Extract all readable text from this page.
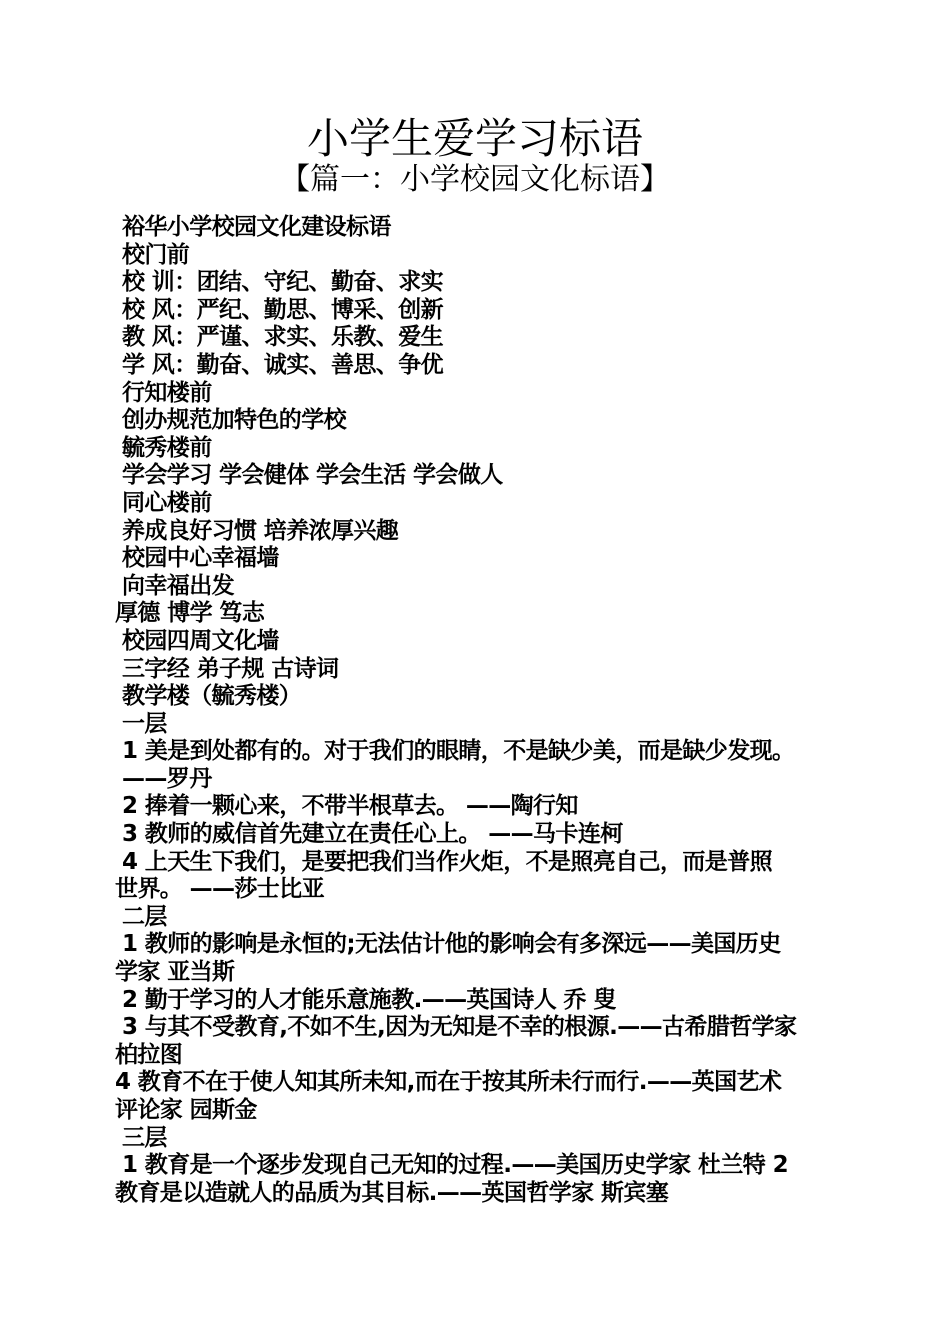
小学生爱学习标语
【篇一：小学校园文化标语】
裕华小学校园文化建设标语
校门前
校 训：团结、守纪、勤奋、求实
校 风：严纪、勤思、博采、创新
教 风：严谨、求实、乐教、爱生
学 风：勤奋、诚实、善思、争优
行知楼前
创办规范加特色的学校
毓秀楼前
学会学习 学会健体 学会生活 学会做人
同心楼前
养成良好习惯 培养浓厚兴趣
校园中心幸福墙
向幸福出发
厚德 博学 笃志
校园四周文化墙
三字经 弟子规 古诗词
教学楼（毓秀楼）
一层
1 美是到处都有的。对于我们的眼睛，不是缺少美，而是缺少发现。
——罗丹
2 捧着一颗心来，不带半根草去。 ——陶行知
3 教师的威信首先建立在责任心上。 ——马卡连柯
4 上天生下我们，是要把我们当作火炬，不是照亮自己，而是普照
世界。 ——莎士比亚
二层
1 教师的影响是永恒的;无法估计他的影响会有多深远——美国历史
学家 亚当斯
2 勤于学习的人才能乐意施教.——英国诗人 乔 叟
3 与其不受教育,不如不生,因为无知是不幸的根源.——古希腊哲学家
柏拉图
4 教育不在于使人知其所未知,而在于按其所未行而行.——英国艺术
评论家 园斯金
三层
1 教育是一个逐步发现自己无知的过程.——美国历史学家 杜兰特 2
教育是以造就人的品质为其目标.——英国哲学家 斯宾塞
